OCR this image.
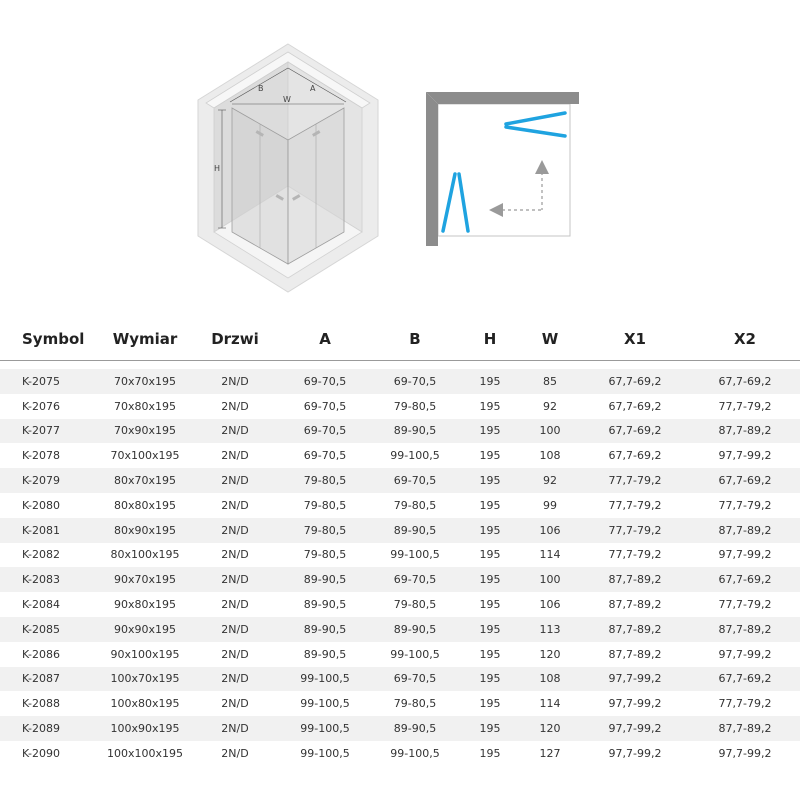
B
W
A
H
Symbol	Wymiar	Drzwi	A	B	H	W	X1	X2

K-2075	70x70x195	2N/D	69-70,5	69-70,5	195	85	67,7-69,2	67,7-69,2
K-2076	70x80x195	2N/D	69-70,5	79-80,5	195	92	67,7-69,2	77,7-79,2
K-2077	70x90x195	2N/D	69-70,5	89-90,5	195	100	67,7-69,2	87,7-89,2
K-2078	70x100x195	2N/D	69-70,5	99-100,5	195	108	67,7-69,2	97,7-99,2
K-2079	80x70x195	2N/D	79-80,5	69-70,5	195	92	77,7-79,2	67,7-69,2
K-2080	80x80x195	2N/D	79-80,5	79-80,5	195	99	77,7-79,2	77,7-79,2
K-2081	80x90x195	2N/D	79-80,5	89-90,5	195	106	77,7-79,2	87,7-89,2
K-2082	80x100x195	2N/D	79-80,5	99-100,5	195	114	77,7-79,2	97,7-99,2
K-2083	90x70x195	2N/D	89-90,5	69-70,5	195	100	87,7-89,2	67,7-69,2
K-2084	90x80x195	2N/D	89-90,5	79-80,5	195	106	87,7-89,2	77,7-79,2
K-2085	90x90x195	2N/D	89-90,5	89-90,5	195	113	87,7-89,2	87,7-89,2
K-2086	90x100x195	2N/D	89-90,5	99-100,5	195	120	87,7-89,2	97,7-99,2
K-2087	100x70x195	2N/D	99-100,5	69-70,5	195	108	97,7-99,2	67,7-69,2
K-2088	100x80x195	2N/D	99-100,5	79-80,5	195	114	97,7-99,2	77,7-79,2
K-2089	100x90x195	2N/D	99-100,5	89-90,5	195	120	97,7-99,2	87,7-89,2
K-2090	100x100x195	2N/D	99-100,5	99-100,5	195	127	97,7-99,2	97,7-99,2
